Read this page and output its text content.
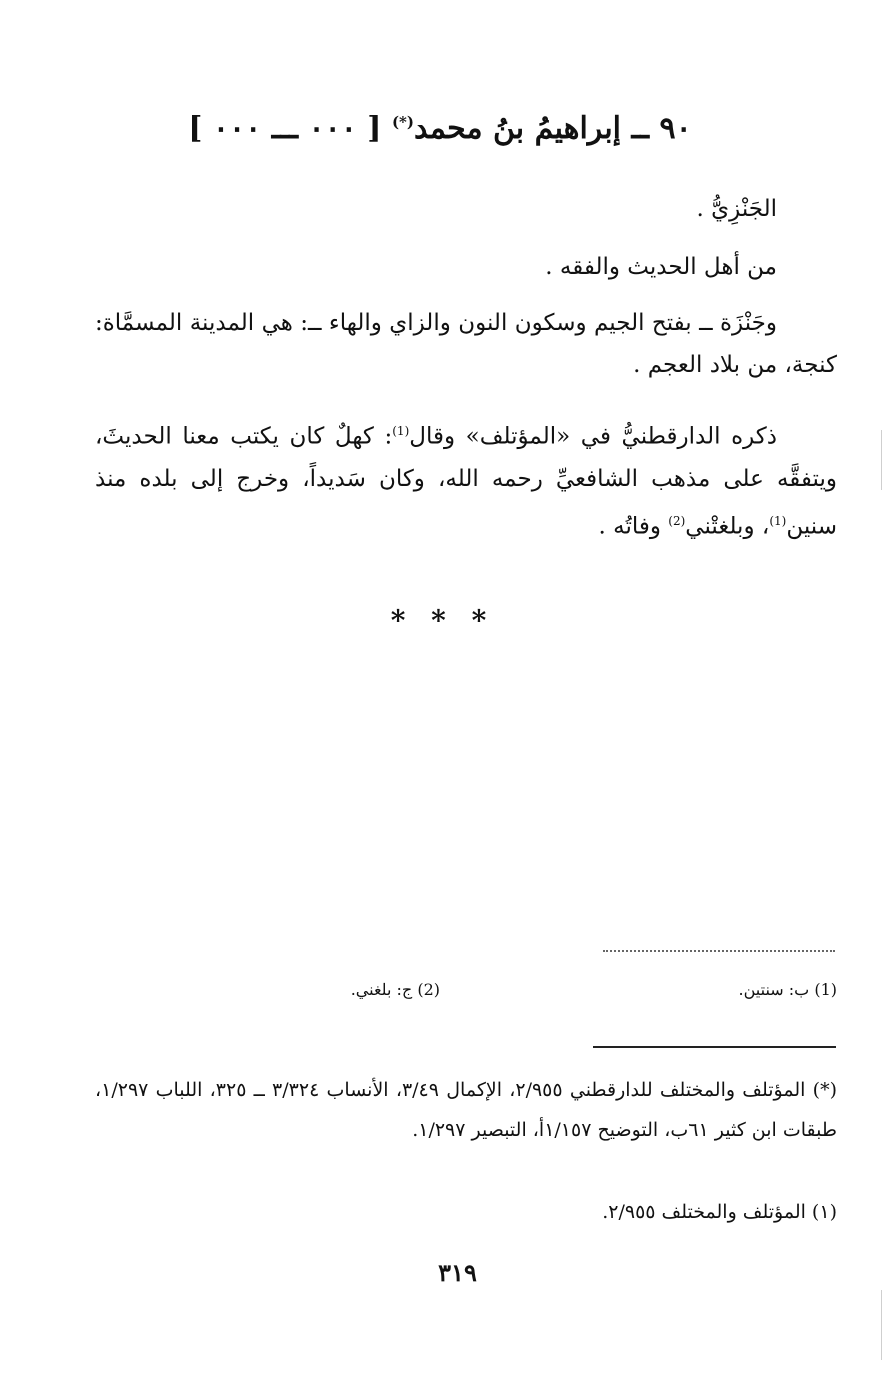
٩٠ ــ إبراهيمُ بنُ محمد(*) [ ٠٠٠ ـــ ٠٠٠ ]
الجَنْزِيُّ .
من أهل الحديث والفقه .
وجَنْزَة ــ بفتح الجيم وسكون النون والزاي والهاء ــ: هي المدينة المسمَّاة: كنجة، من بلاد العجم .
ذكره الدارقطنيُّ في «المؤتلف» وقال$^{(1)}$: كهلٌ كان يكتب معنا الحديثَ، ويتفقَّه على مذهب الشافعيِّ رحمه الله، وكان سَديداً، وخرج إلى بلده منذ سنين$^{(1)}$، وبلغتْني$^{(2)}$ وفاتُه .
* * *
(1) ب: سنتين.
(2) ج: بلغني.
(*) المؤتلف والمختلف للدارقطني ٢/٩٥٥، الإكمال ٣/٤٩، الأنساب ٣/٣٢٤ ــ ٣٢٥، اللباب ١/٢٩٧، طبقات ابن كثير ٦١ب، التوضيح ١/١٥٧أ، التبصير ١/٢٩٧.
(١) المؤتلف والمختلف ٢/٩٥٥.
٣١٩
